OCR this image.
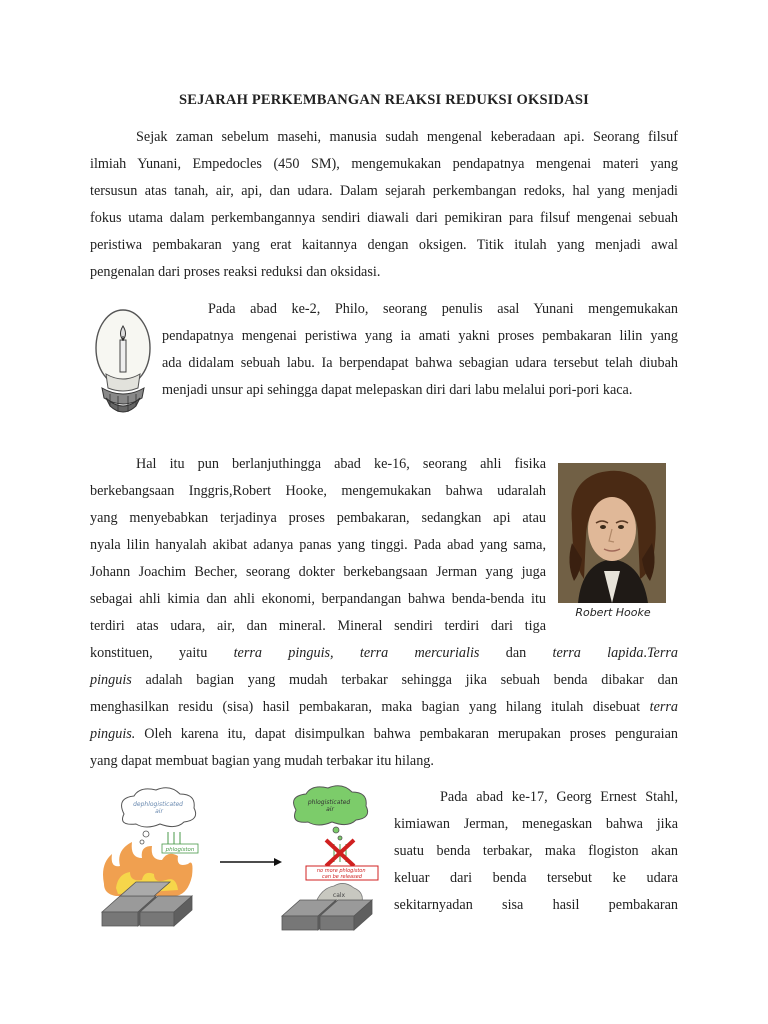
SEJARAH PERKEMBANGAN REAKSI REDUKSI OKSIDASI
Sejak zaman sebelum masehi, manusia sudah mengenal keberadaan api. Seorang filsuf
ilmiah Yunani, Empedocles (450 SM), mengemukakan pendapatnya mengenai materi yang
tersusun atas tanah, air, api, dan udara. Dalam sejarah perkembangan redoks, hal yang menjadi
fokus utama dalam perkembangannya sendiri diawali dari pemikiran para filsuf mengenai sebuah
peristiwa pembakaran yang erat kaitannya dengan oksigen. Titik itulah yang menjadi awal
pengenalan dari proses reaksi reduksi dan oksidasi.
Pada abad ke-2, Philo, seorang penulis asal Yunani mengemukakan
pendapatnya mengenai peristiwa yang ia amati yakni proses pembakaran lilin yang
ada didalam sebuah labu. Ia berpendapat bahwa sebagian udara tersebut telah diubah
menjadi unsur api sehingga dapat melepaskan diri dari labu melalui pori-pori kaca.
Hal itu pun berlanjuthingga abad ke-16, seorang ahli fisika
berkebangsaan Inggris,Robert Hooke, mengemukakan bahwa udaralah
yang menyebabkan terjadinya proses pembakaran, sedangkan api atau
nyala lilin hanyalah akibat adanya panas yang tinggi. Pada abad yang sama,
Johann Joachim Becher, seorang dokter berkebangsaan Jerman yang juga
sebagai ahli kimia dan ahli ekonomi, berpandangan bahwa benda-benda itu
terdiri atas udara, air, dan mineral. Mineral sendiri terdiri dari tiga
konstituen, yaitu terra pinguis, terra mercurialis dan terra lapida.Terra
pinguis adalah bagian yang mudah terbakar sehingga jika sebuah benda dibakar dan
menghasilkan residu (sisa) hasil pembakaran, maka bagian yang hilang itulah disebuat terra
pinguis. Oleh karena itu, dapat disimpulkan bahwa pembakaran merupakan proses penguraian
yang dapat membuat bagian yang mudah terbakar itu hilang.
Robert Hooke
dephlogisticated air
phlogiston
phlogisticated air
no more phlogiston can be released
calx
Pada abad ke-17, Georg Ernest Stahl,
kimiawan Jerman, menegaskan bahwa jika
suatu benda terbakar, maka flogiston akan
keluar dari benda tersebut ke udara
sekitarnyadan sisa hasil pembakaran
